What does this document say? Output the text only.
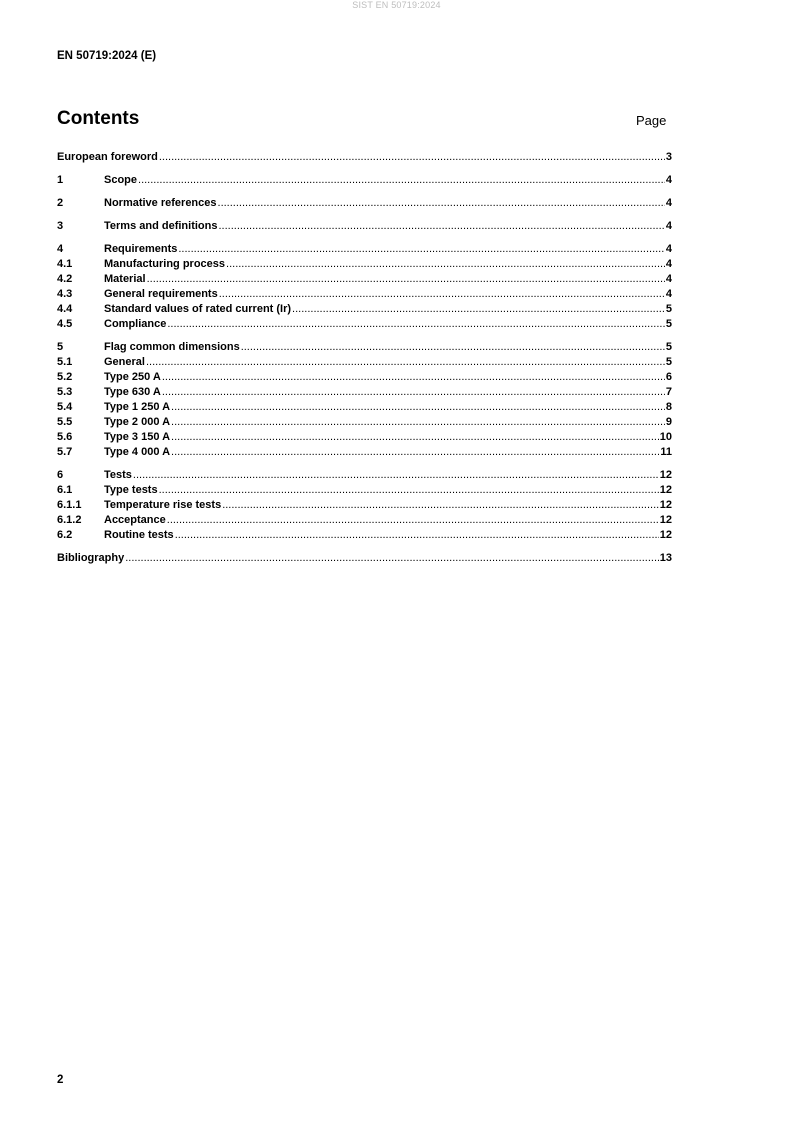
SIST EN 50719:2024
EN 50719:2024 (E)
Contents	Page
European foreword .....	3
1	Scope .....	4
2	Normative references .....	4
3	Terms and definitions .....	4
4	Requirements .....	4
4.1	Manufacturing process .....	4
4.2	Material .....	4
4.3	General requirements .....	4
4.4	Standard values of rated current (Ir) .....	5
4.5	Compliance .....	5
5	Flag common dimensions .....	5
5.1	General .....	5
5.2	Type 250 A .....	6
5.3	Type 630 A .....	7
5.4	Type 1 250 A .....	8
5.5	Type 2 000 A .....	9
5.6	Type 3 150 A .....	10
5.7	Type 4 000 A .....	11
6	Tests .....	12
6.1	Type tests .....	12
6.1.1	Temperature rise tests .....	12
6.1.2	Acceptance .....	12
6.2	Routine tests .....	12
Bibliography .....	13
2
